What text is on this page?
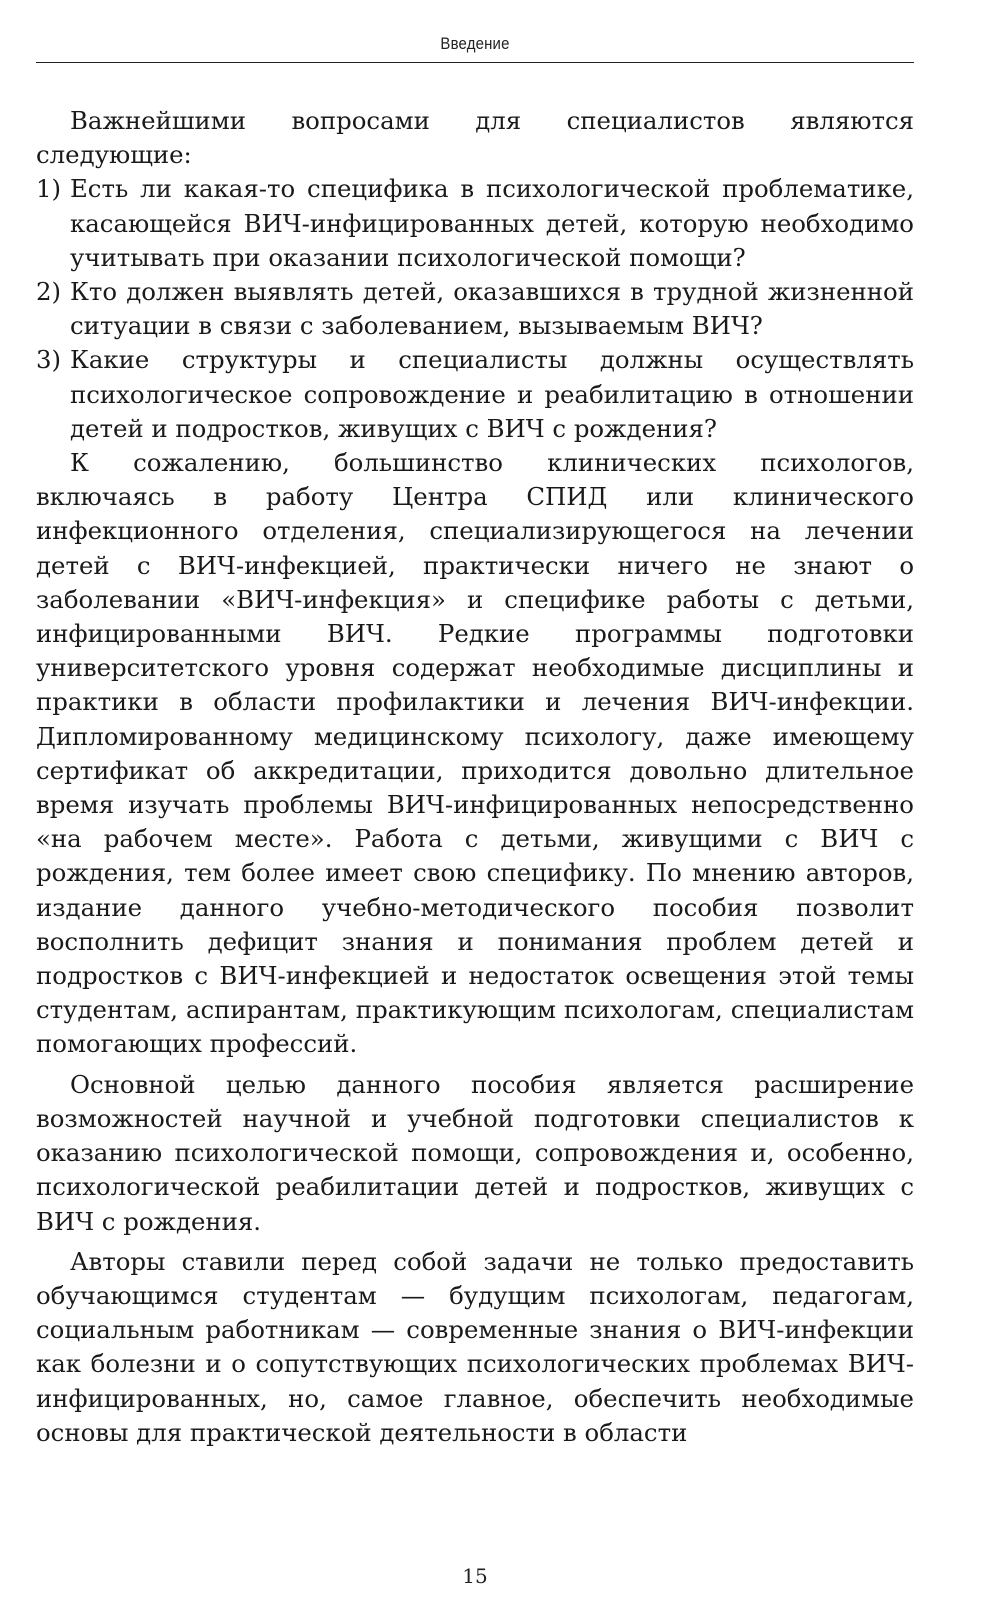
Введение

Важнейшими вопросами для специалистов являются следующие:

1) Есть ли какая-то специфика в психологической проблематике, касающейся ВИЧ-инфицированных детей, которую необходимо учитывать при оказании психологической помощи?
2) Кто должен выявлять детей, оказавшихся в трудной жизненной ситуации в связи с заболеванием, вызываемым ВИЧ?
3) Какие структуры и специалисты должны осуществлять психологическое сопровождение и реабилитацию в отношении детей и подростков, живущих с ВИЧ с рождения?

К сожалению, большинство клинических психологов, включаясь в работу Центра СПИД или клинического инфекционного отделения, специализирующегося на лечении детей с ВИЧ-инфекцией, практически ничего не знают о заболевании «ВИЧ-инфекция» и специфике работы с детьми, инфицированными ВИЧ. Редкие программы подготовки университетского уровня содержат необходимые дисциплины и практики в области профилактики и лечения ВИЧ-инфекции. Дипломированному медицинскому психологу, даже имеющему сертификат об аккредитации, приходится довольно длительное время изучать проблемы ВИЧ-инфицированных непосредственно «на рабочем месте». Работа с детьми, живущими с ВИЧ с рождения, тем более имеет свою специфику. По мнению авторов, издание данного учебно-методического пособия позволит восполнить дефицит знания и понимания проблем детей и подростков с ВИЧ-инфекцией и недостаток освещения этой темы студентам, аспирантам, практикующим психологам, специалистам помогающих профессий.

Основной целью данного пособия является расширение возможностей научной и учебной подготовки специалистов к оказанию психологической помощи, сопровождения и, особенно, психологической реабилитации детей и подростков, живущих с ВИЧ с рождения.

Авторы ставили перед собой задачи не только предоставить обучающимся студентам — будущим психологам, педагогам, социальным работникам — современные знания о ВИЧ-инфекции как болезни и о сопутствующих психологических проблемах ВИЧ-инфицированных, но, самое главное, обеспечить необходимые основы для практической деятельности в области

15
